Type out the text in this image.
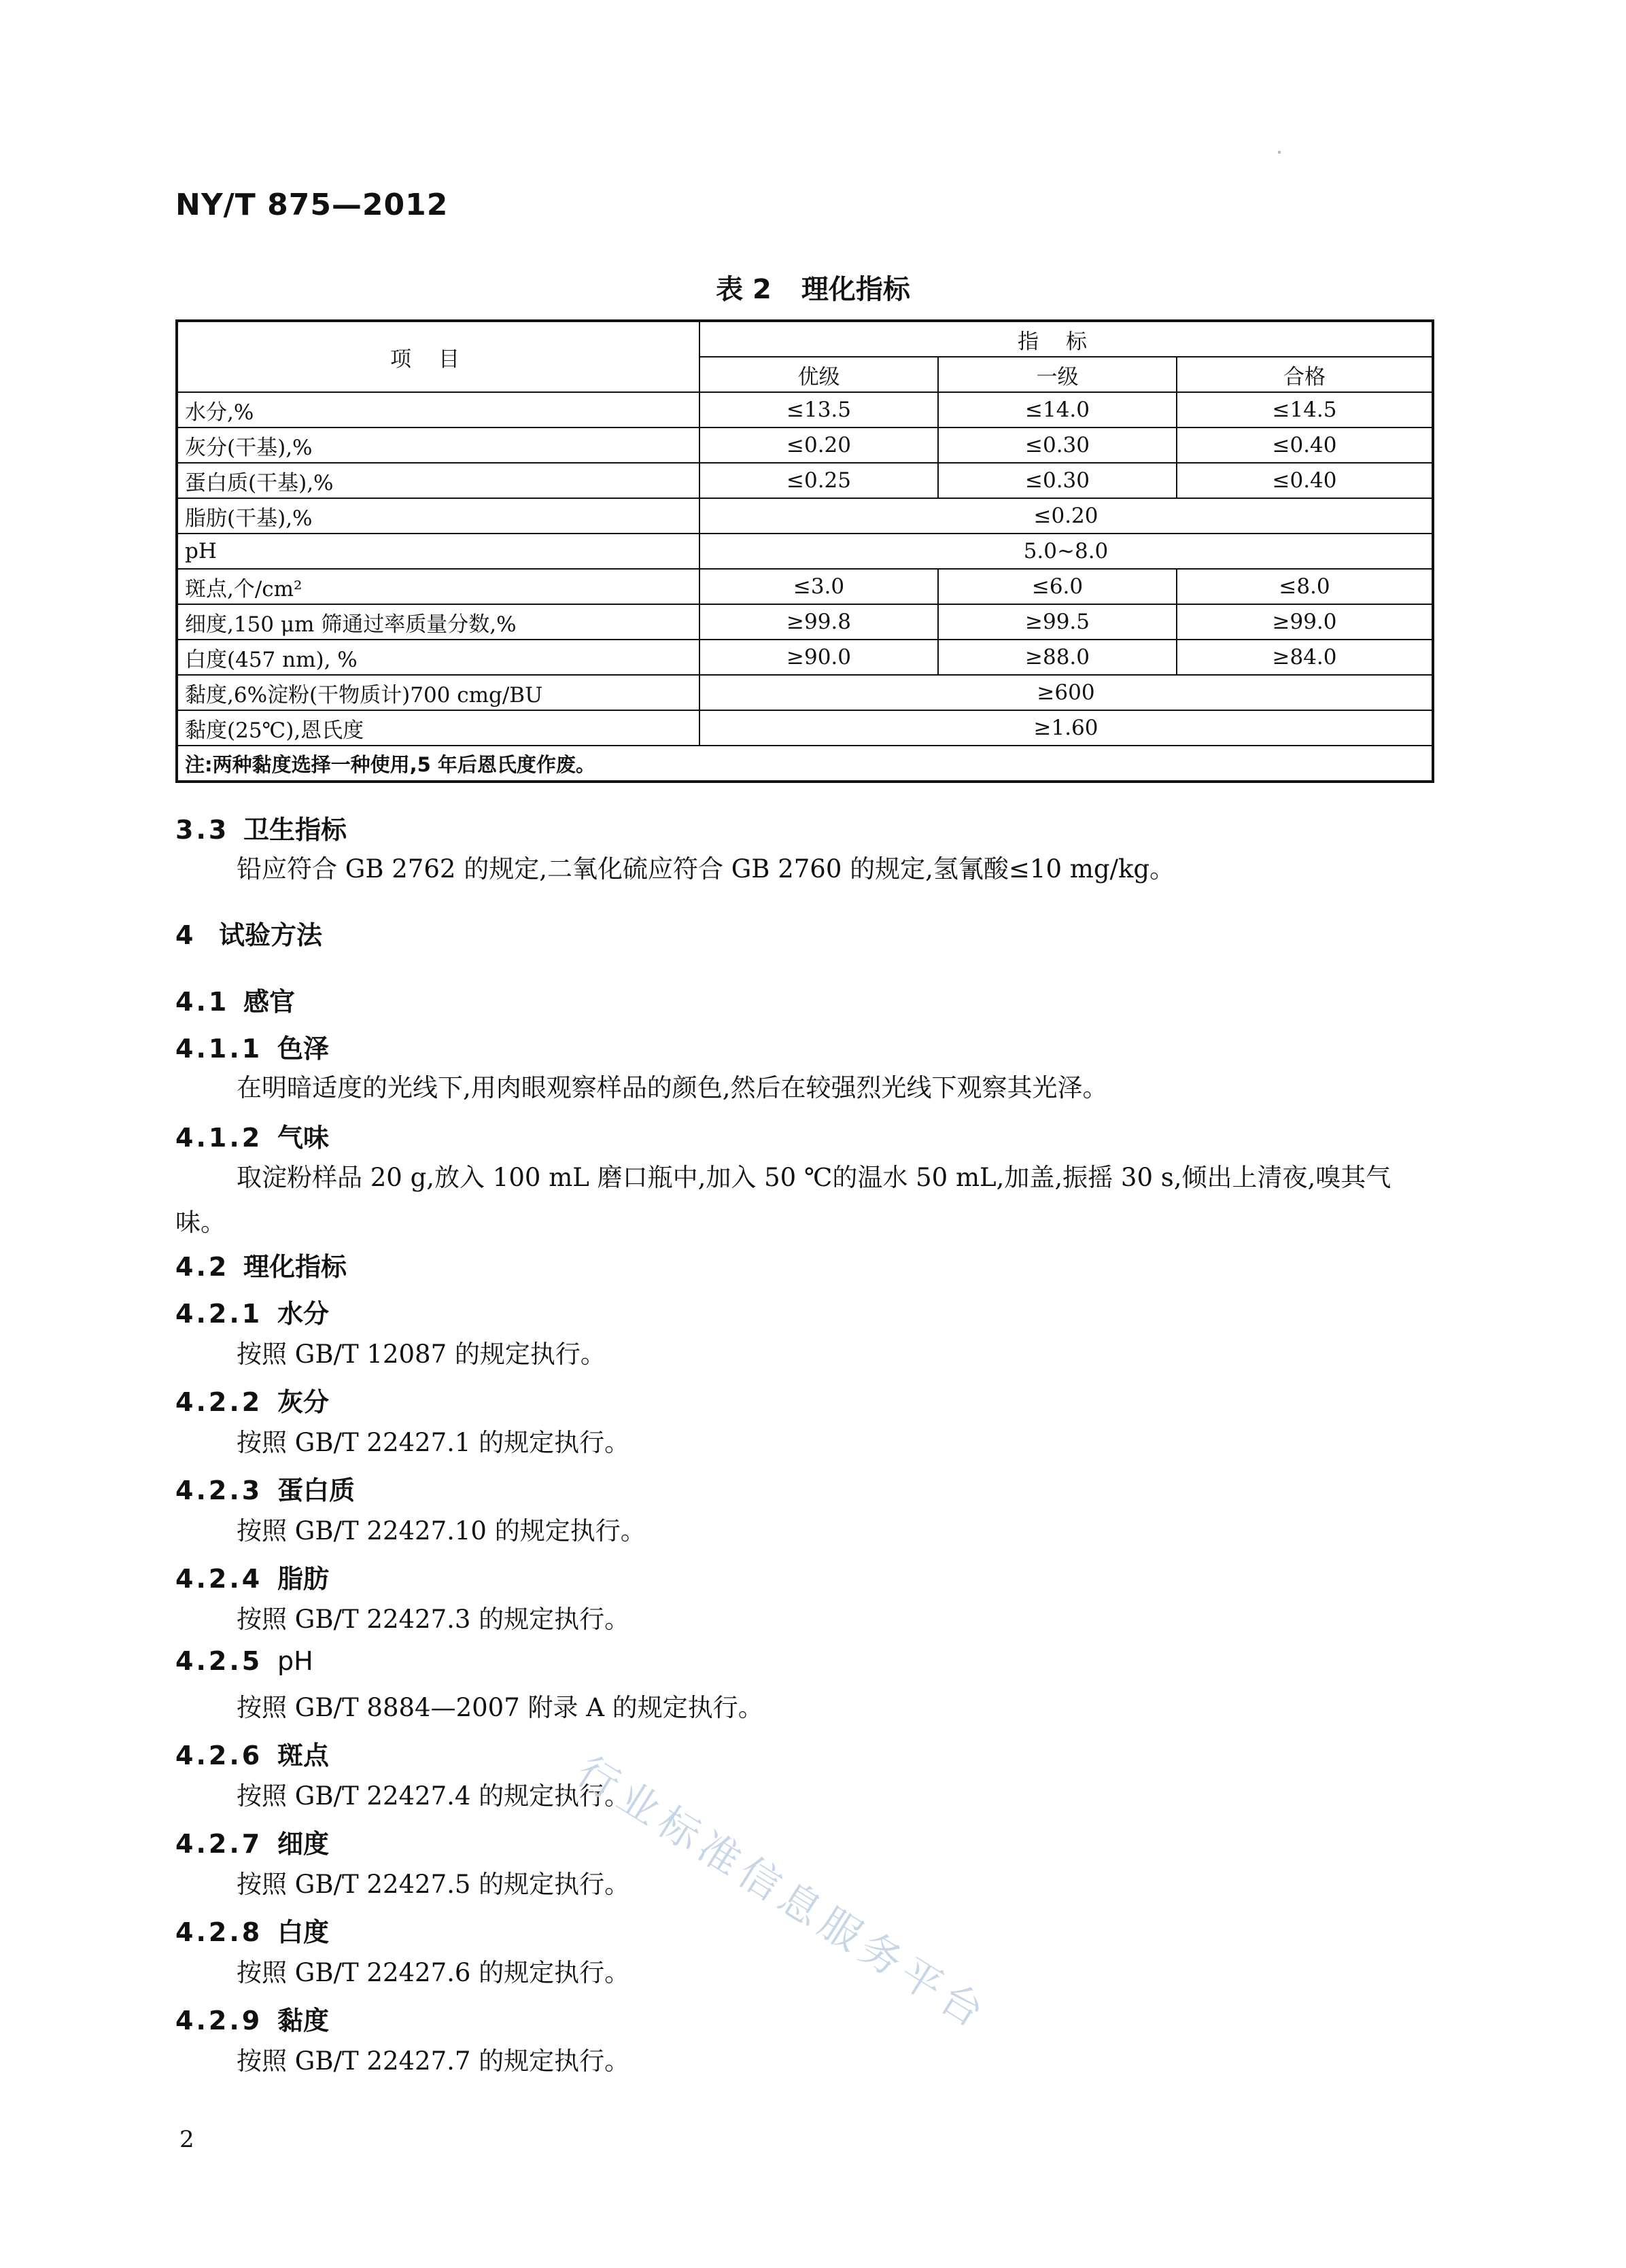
NY/T 875—2012
表 2 理化指标
项目	指标		
	优级	一级	合格
水分,%	≤13.5	≤14.0	≤14.5
灰分(干基),%	≤0.20	≤0.30	≤0.40
蛋白质(干基),%	≤0.25	≤0.30	≤0.40
脂肪(干基),%	≤0.20		
pH	5.0~8.0		
斑点,个/cm²	≤3.0	≤6.0	≤8.0
细度,150 μm 筛通过率质量分数,%	≥99.8	≥99.5	≥99.0
白度(457 nm), %	≥90.0	≥88.0	≥84.0
黏度,6%淀粉(干物质计)700 cmg/BU	≥600		
黏度(25℃),恩氏度	≥1.60		
注:两种黏度选择一种使用,5 年后恩氏度作废。			
3.3 卫生指标
铅应符合 GB 2762 的规定,二氧化硫应符合 GB 2760 的规定,氢氰酸≤10 mg/kg。
4 试验方法
4.1 感官
4.1.1 色泽
在明暗适度的光线下,用肉眼观察样品的颜色,然后在较强烈光线下观察其光泽。
4.1.2 气味
取淀粉样品 20 g,放入 100 mL 磨口瓶中,加入 50 ℃的温水 50 mL,加盖,振摇 30 s,倾出上清夜,嗅其气味。
4.2 理化指标
4.2.1 水分
按照 GB/T 12087 的规定执行。
4.2.2 灰分
按照 GB/T 22427.1 的规定执行。
4.2.3 蛋白质
按照 GB/T 22427.10 的规定执行。
4.2.4 脂肪
按照 GB/T 22427.3 的规定执行。
4.2.5 pH
按照 GB/T 8884—2007 附录 A 的规定执行。
4.2.6 斑点
按照 GB/T 22427.4 的规定执行。
4.2.7 细度
按照 GB/T 22427.5 的规定执行。
4.2.8 白度
按照 GB/T 22427.6 的规定执行。
4.2.9 黏度
按照 GB/T 22427.7 的规定执行。
行业标准信息服务平台
2
